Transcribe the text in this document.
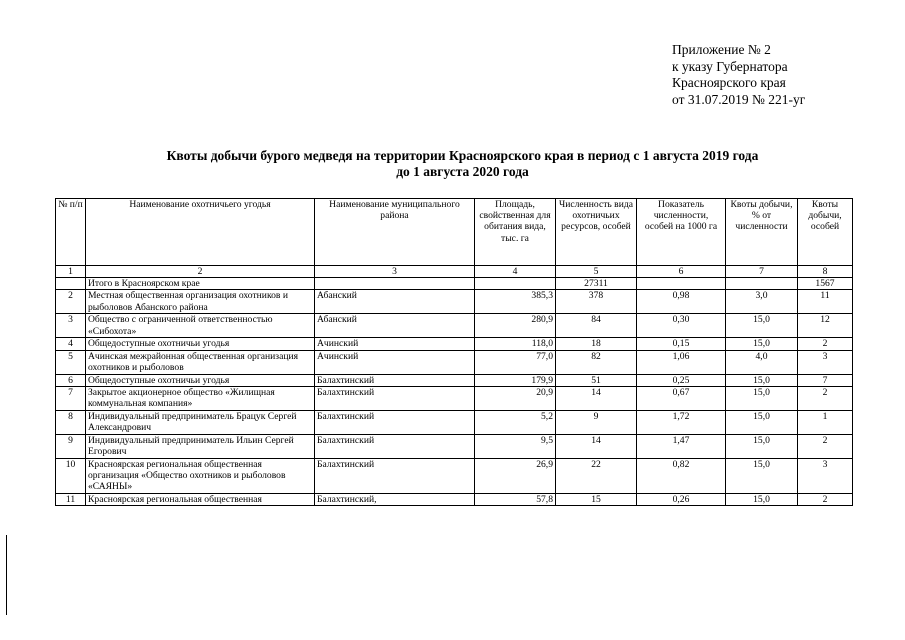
Приложение № 2
к указу Губернатора
Красноярского края
от 31.07.2019 № 221-уг
Квоты добычи бурого медведя на территории Красноярского края в период с 1 августа 2019 года
до 1 августа 2020 года
№ п/п	Наименование охотничьего угодья	Наименование муниципального района	Площадь, свойственная для обитания вида, тыс. га	Численность вида охотничьих ресурсов, особей	Показатель численности, особей на 1000 га	Квоты добычи, % от численности	Квоты добычи, особей
1	2	3	4	5	6	7	8
	Итого в Красноярском крае			27311			1567
2	Местная общественная организация охотников и рыболовов Абанского района	Абанский	385,3	378	0,98	3,0	11
3	Общество с ограниченной ответственностью «Сибохота»	Абанский	280,9	84	0,30	15,0	12
4	Общедоступные охотничьи угодья	Ачинский	118,0	18	0,15	15,0	2
5	Ачинская межрайонная общественная организация охотников и рыболовов	Ачинский	77,0	82	1,06	4,0	3
6	Общедоступные охотничьи угодья	Балахтинский	179,9	51	0,25	15,0	7
7	Закрытое акционерное общество «Жилищная коммунальная компания»	Балахтинский	20,9	14	0,67	15,0	2
8	Индивидуальный предприниматель Брацук Сергей Александрович	Балахтинский	5,2	9	1,72	15,0	1
9	Индивидуальный предприниматель Ильин Сергей Егорович	Балахтинский	9,5	14	1,47	15,0	2
10	Красноярская региональная общественная организация «Общество охотников и рыболовов «САЯНЫ»	Балахтинский	26,9	22	0,82	15,0	3
11	Красноярская региональная общественная	Балахтинский,	57,8	15	0,26	15,0	2
